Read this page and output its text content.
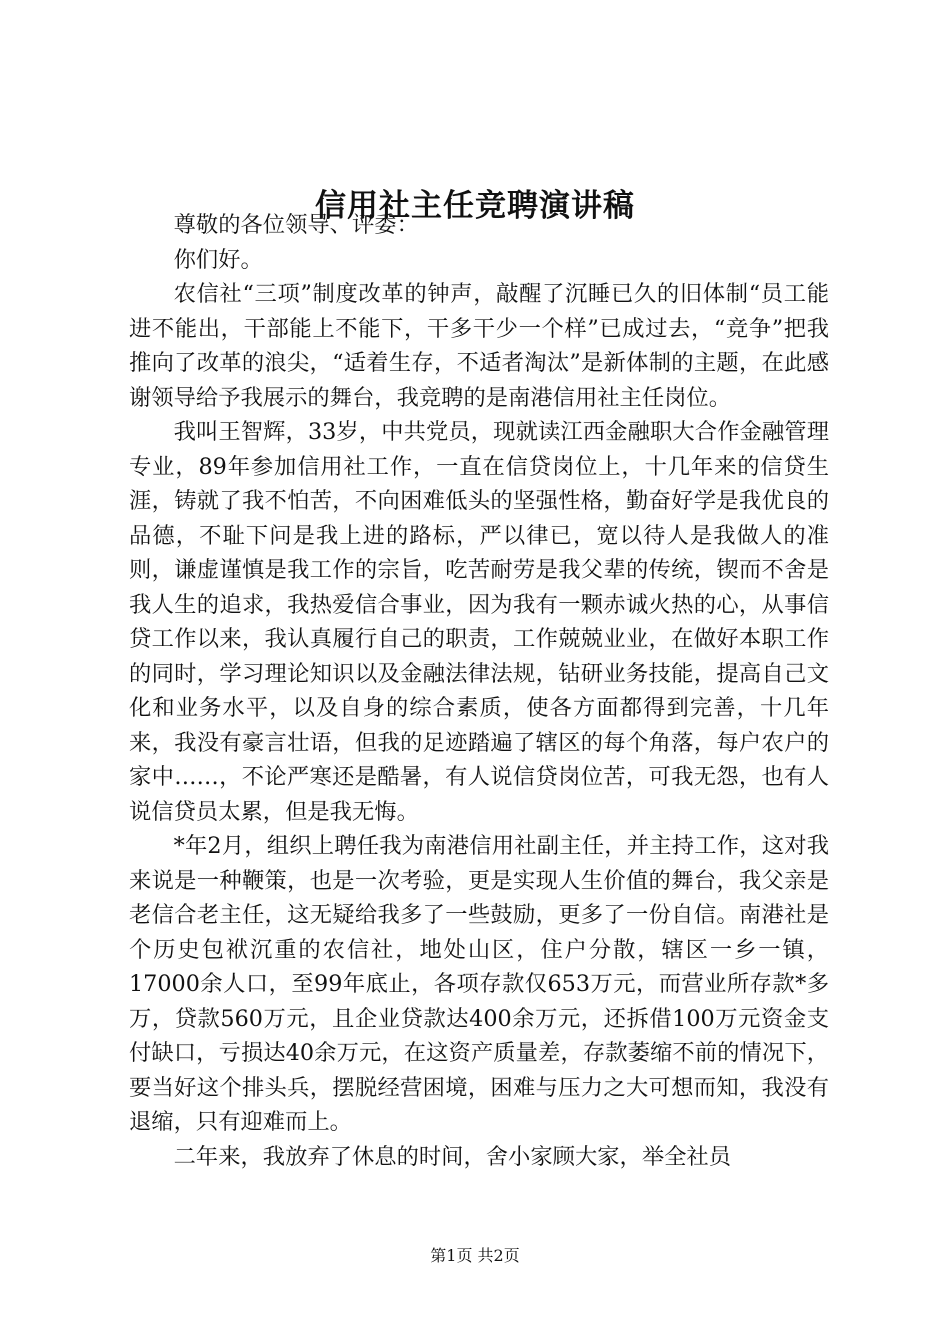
信用社主任竞聘演讲稿

尊敬的各位领导、评委：

你们好。

农信社“三项”制度改革的钟声，敲醒了沉睡已久的旧体制“员工能进不能出，干部能上不能下，干多干少一个样”已成过去，“竞争”把我推向了改革的浪尖，“适着生存，不适者淘汰”是新体制的主题，在此感谢领导给予我展示的舞台，我竞聘的是南港信用社主任岗位。

我叫王智辉，33岁，中共党员，现就读江西金融职大合作金融管理专业，89年参加信用社工作，一直在信贷岗位上，十几年来的信贷生涯，铸就了我不怕苦，不向困难低头的坚强性格，勤奋好学是我优良的品德，不耻下问是我上进的路标，严以律已，宽以待人是我做人的准则，谦虚谨慎是我工作的宗旨，吃苦耐劳是我父辈的传统，锲而不舍是我人生的追求，我热爱信合事业，因为我有一颗赤诚火热的心，从事信贷工作以来，我认真履行自己的职责，工作兢兢业业，在做好本职工作的同时，学习理论知识以及金融法律法规，钻研业务技能，提高自己文化和业务水平，以及自身的综合素质，使各方面都得到完善，十几年来，我没有豪言壮语，但我的足迹踏遍了辖区的每个角落，每户农户的家中……，不论严寒还是酷暑，有人说信贷岗位苦，可我无怨，也有人说信贷员太累，但是我无悔。

*年2月，组织上聘任我为南港信用社副主任，并主持工作，这对我来说是一种鞭策，也是一次考验，更是实现人生价值的舞台，我父亲是老信合老主任，这无疑给我多了一些鼓励，更多了一份自信。南港社是个历史包袱沉重的农信社，地处山区，住户分散，辖区一乡一镇，17000余人口，至99年底止，各项存款仅653万元，而营业所存款*多万，贷款560万元，且企业贷款达400余万元，还拆借100万元资金支付缺口，亏损达40余万元，在这资产质量差，存款萎缩不前的情况下，要当好这个排头兵，摆脱经营困境，困难与压力之大可想而知，我没有退缩，只有迎难而上。

二年来，我放弃了休息的时间，舍小家顾大家，举全社员

第1页 共2页
